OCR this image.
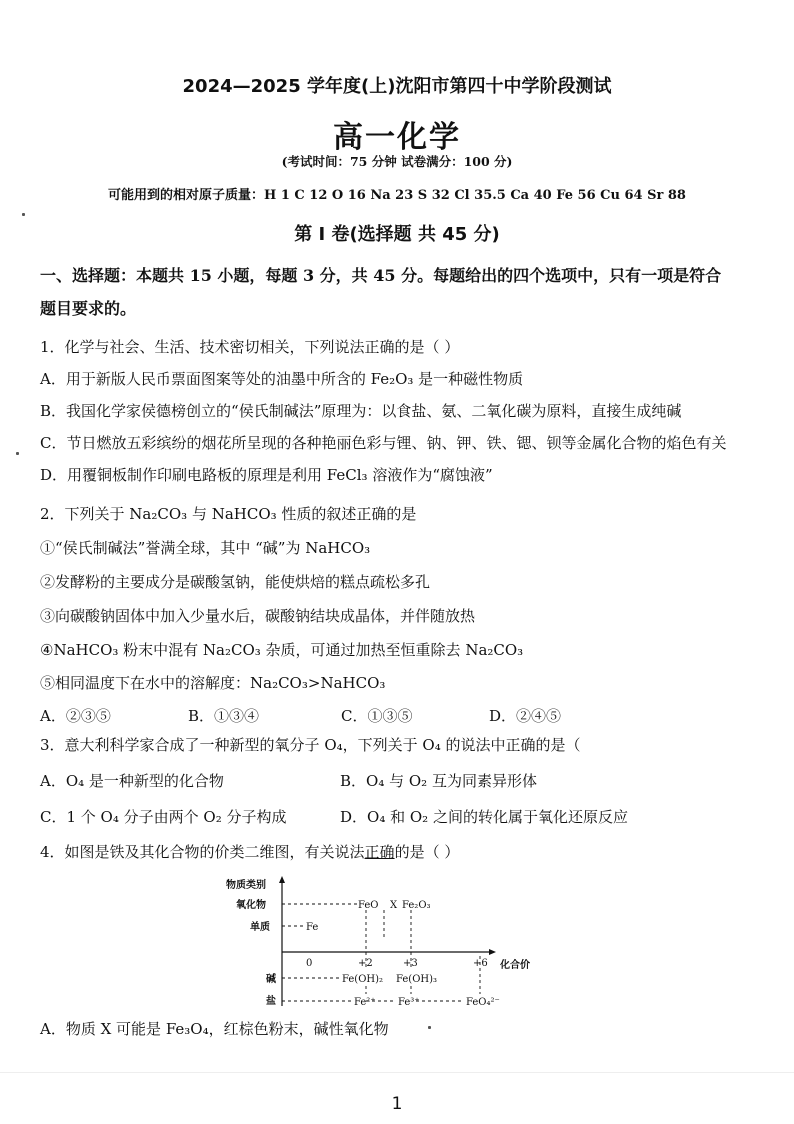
2024—2025 学年度(上)沈阳市第四十中学阶段测试
高一化学
(考试时间：75 分钟 试卷满分：100 分)
可能用到的相对原子质量：H 1 C 12 O 16 Na 23 S 32 Cl 35.5 Ca 40 Fe 56 Cu 64 Sr 88
第 Ⅰ 卷(选择题 共 45 分)
一、选择题：本题共 15 小题，每题 3 分，共 45 分。每题给出的四个选项中，只有一项是符合
题目要求的。
1．化学与社会、生活、技术密切相关，下列说法正确的是（ ）
A．用于新版人民币票面图案等处的油墨中所含的 Fe₂O₃ 是一种磁性物质
B．我国化学家侯德榜创立的“侯氏制碱法”原理为：以食盐、氨、二氧化碳为原料，直接生成纯碱
C．节日燃放五彩缤纷的烟花所呈现的各种艳丽色彩与锂、钠、钾、铁、锶、钡等金属化合物的焰色有关
D．用覆铜板制作印刷电路板的原理是利用 FeCl₃ 溶液作为“腐蚀液”
2．下列关于 Na₂CO₃ 与 NaHCO₃ 性质的叙述正确的是
①“侯氏制碱法”誉满全球，其中 “碱”为 NaHCO₃
②发酵粉的主要成分是碳酸氢钠，能使烘焙的糕点疏松多孔
③向碳酸钠固体中加入少量水后，碳酸钠结块成晶体，并伴随放热
④NaHCO₃ 粉末中混有 Na₂CO₃ 杂质，可通过加热至恒重除去 Na₂CO₃
⑤相同温度下在水中的溶解度：Na₂CO₃>NaHCO₃
A．②③⑤	B．①③④	C．①③⑤	D．②④⑤
3．意大利科学家合成了一种新型的氧分子 O₄，下列关于 O₄ 的说法中正确的是（
A．O₄ 是一种新型的化合物	B．O₄ 与 O₂ 互为同素异形体
C．1 个 O₄ 分子由两个 O₂ 分子构成	D．O₄ 和 O₂ 之间的转化属于氧化还原反应
4．如图是铁及其化合物的价类二维图，有关说法正确的是（ ）
物质类别
氧化物
单质
碱
盐
化合价
0	+2	+3	+6
FeO X Fe₂O₃
Fe
Fe(OH)₂ Fe(OH)₃
Fe²⁺ Fe³⁺	FeO₄²⁻
A．物质 X 可能是 Fe₃O₄，红棕色粉末，碱性氧化物
1
